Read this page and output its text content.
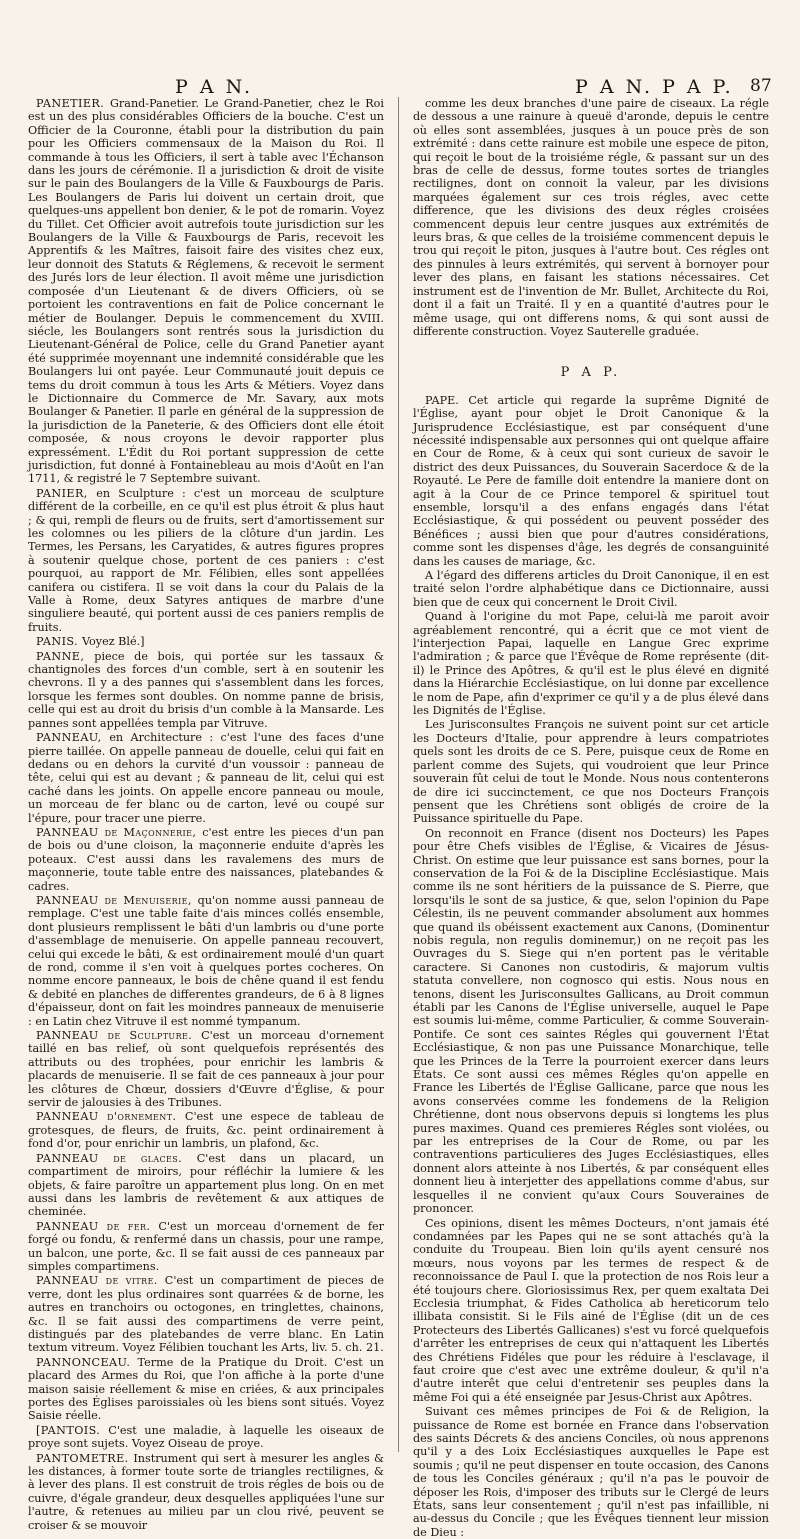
P A N.	P A N. P A P. 87

PANETIER. Grand-Panetier. Le Grand-Panetier, chez le Roi est un des plus considérables Officiers de la bouche. C'est un Officier de la Couronne, établi pour la distribution du pain pour les Officiers commensaux de la Maison du Roi. Il commande à tous les Officiers, il sert à table avec l'Échanson dans les jours de cérémonie. Il a jurisdiction & droit de visite sur le pain des Boulangers de la Ville & Fauxbourgs de Paris. Les Boulangers de Paris lui doivent un certain droit, que quelques-uns appellent bon denier, & le pot de romarin. Voyez du Tillet. Cet Officier avoit autrefois toute jurisdiction sur les Boulangers de la Ville & Fauxbourgs de Paris, recevoit les Apprentifs & les Maîtres, faisoit faire des visites chez eux, leur donnoit des Statuts & Réglemens, & recevoit le serment des Jurés lors de leur élection. Il avoit même une jurisdiction composée d'un Lieutenant & de divers Officiers, où se portoient les contraventions en fait de Police concernant le métier de Boulanger. Depuis le commencement du XVIII. siécle, les Boulangers sont rentrés sous la jurisdiction du Lieutenant-Général de Police, celle du Grand Panetier ayant été supprimée moyennant une indemnité considérable que les Boulangers lui ont payée. Leur Communauté jouit depuis ce tems du droit commun à tous les Arts & Métiers. Voyez dans le Dictionnaire du Commerce de Mr. Savary, aux mots Boulanger & Panetier. Il parle en général de la suppression de la jurisdiction de la Paneterie, & des Officiers dont elle étoit composée, & nous croyons le devoir rapporter plus expressément. L'Édit du Roi portant suppression de cette jurisdiction, fut donné à Fontainebleau au mois d'Août en l'an 1711, & registré le 7 Septembre suivant.

PANIER, en Sculpture : c'est un morceau de sculpture différent de la corbeille, en ce qu'il est plus étroit & plus haut ; & qui, rempli de fleurs ou de fruits, sert d'amortissement sur les colomnes ou les piliers de la clôture d'un jardin. Les Termes, les Persans, les Caryatides, & autres figures propres à soutenir quelque chose, portent de ces paniers : c'est pourquoi, au rapport de Mr. Félibien, elles sont appellées canifera ou cistifera. Il se voit dans la cour du Palais de la Valle à Rome, deux Satyres antiques de marbre d'une singuliere beauté, qui portent aussi de ces paniers remplis de fruits.

PANIS. Voyez Blé.]

PANNE, piece de bois, qui portée sur les tassaux & chantignoles des forces d'un comble, sert à en soutenir les chevrons. Il y a des pannes qui s'assemblent dans les forces, lorsque les fermes sont doubles. On nomme panne de brisis, celle qui est au droit du brisis d'un comble à la Mansarde. Les pannes sont appellées templa par Vitruve.

PANNEAU, en Architecture : c'est l'une des faces d'une pierre taillée. On appelle panneau de douelle, celui qui fait en dedans ou en dehors la curvité d'un voussoir : panneau de tête, celui qui est au devant ; & panneau de lit, celui qui est caché dans les joints. On appelle encore panneau ou moule, un morceau de fer blanc ou de carton, levé ou coupé sur l'épure, pour tracer une pierre.

PANNEAU de Maçonnerie, c'est entre les pieces d'un pan de bois ou d'une cloison, la maçonnerie enduite d'après les poteaux. C'est aussi dans les ravalemens des murs de maçonnerie, toute table entre des naissances, platebandes & cadres.

PANNEAU de Menuiserie, qu'on nomme aussi panneau de remplage. C'est une table faite d'ais minces collés ensemble, dont plusieurs remplissent le bâti d'un lambris ou d'une porte d'assemblage de menuiserie. On appelle panneau recouvert, celui qui excede le bâti, & est ordinairement moulé d'un quart de rond, comme il s'en voit à quelques portes cocheres. On nomme encore panneaux, le bois de chêne quand il est fendu & debité en planches de differentes grandeurs, de 6 à 8 lignes d'épaisseur, dont on fait les moindres panneaux de menuiserie : en Latin chez Vitruve il est nommé tympanum.

PANNEAU de Sculpture. C'est un morceau d'ornement taillé en bas relief, où sont quelquefois représentés des attributs ou des trophées, pour enrichir les lambris & placards de menuiserie. Il se fait de ces panneaux à jour pour les clôtures de Chœur, dossiers d'Œuvre d'Église, & pour servir de jalousies à des Tribunes.

PANNEAU d'ornement. C'est une espece de tableau de grotesques, de fleurs, de fruits, &c. peint ordinairement à fond d'or, pour enrichir un lambris, un plafond, &c.

PANNEAU de glaces. C'est dans un placard, un compartiment de miroirs, pour réfléchir la lumiere & les objets, & faire paroître un appartement plus long. On en met aussi dans les lambris de revêtement & aux attiques de cheminée.

PANNEAU de fer. C'est un morceau d'ornement de fer forgé ou fondu, & renfermé dans un chassis, pour une rampe, un balcon, une porte, &c. Il se fait aussi de ces panneaux par simples compartimens.

PANNEAU de vitre. C'est un compartiment de pieces de verre, dont les plus ordinaires sont quarrées & de borne, les autres en tranchoirs ou octogones, en tringlettes, chainons, &c. Il se fait aussi des compartimens de verre peint, distingués par des platebandes de verre blanc. En Latin textum vitreum. Voyez Félibien touchant les Arts, liv. 5. ch. 21.

PANNONCEAU. Terme de la Pratique du Droit. C'est un placard des Armes du Roi, que l'on affiche à la porte d'une maison saisie réellement & mise en criées, & aux principales portes des Églises paroissiales où les biens sont situés. Voyez Saisie réelle.

[PANTOIS. C'est une maladie, à laquelle les oiseaux de proye sont sujets. Voyez Oiseau de proye.

PANTOMETRE. Instrument qui sert à mesurer les angles & les distances, à former toute sorte de triangles rectilignes, & à lever des plans. Il est construit de trois régles de bois ou de cuivre, d'égale grandeur, deux desquelles appliquées l'une sur l'autre, & retenues au milieu par un clou rivé, peuvent se croiser & se mouvoir

comme les deux branches d'une paire de ciseaux. La régle de dessous a une rainure à queuë d'aronde, depuis le centre où elles sont assemblées, jusques à un pouce près de son extrémité : dans cette rainure est mobile une espece de piton, qui reçoit le bout de la troisiéme régle, & passant sur un des bras de celle de dessus, forme toutes sortes de triangles rectilignes, dont on connoit la valeur, par les divisions marquées également sur ces trois régles, avec cette difference, que les divisions des deux régles croisées commencent depuis leur centre jusques aux extrémités de leurs bras, & que celles de la troisiéme commencent depuis le trou qui reçoit le piton, jusques à l'autre bout. Ces régles ont des pinnules à leurs extrémités, qui servent à bornoyer pour lever des plans, en faisant les stations nécessaires. Cet instrument est de l'invention de Mr. Bullet, Architecte du Roi, dont il a fait un Traité. Il y en a quantité d'autres pour le même usage, qui ont differens noms, & qui sont aussi de differente construction. Voyez Sauterelle graduée.

P A P.

PAPE. Cet article qui regarde la suprême Dignité de l'Église, ayant pour objet le Droit Canonique & la Jurisprudence Ecclésiastique, est par conséquent d'une nécessité indispensable aux personnes qui ont quelque affaire en Cour de Rome, & à ceux qui sont curieux de savoir le district des deux Puissances, du Souverain Sacerdoce & de la Royauté. Le Pere de famille doit entendre la maniere dont on agit à la Cour de ce Prince temporel & spirituel tout ensemble, lorsqu'il a des enfans engagés dans l'état Ecclésiastique, & qui possédent ou peuvent posséder des Bénéfices ; aussi bien que pour d'autres considérations, comme sont les dispenses d'âge, les degrés de consanguinité dans les causes de mariage, &c.

A l'égard des differens articles du Droit Canonique, il en est traité selon l'ordre alphabétique dans ce Dictionnaire, aussi bien que de ceux qui concernent le Droit Civil.

Quand à l'origine du mot Pape, celui-là me paroit avoir agréablement rencontré, qui a écrit que ce mot vient de l'interjection Papai, laquelle en Langue Grec exprime l'admiration ; & parce que l'Évêque de Rome représente (dit-il) le Prince des Apôtres, & qu'il est le plus élevé en dignité dans la Hiérarchie Ecclésiastique, on lui donne par excellence le nom de Pape, afin d'exprimer ce qu'il y a de plus élevé dans les Dignités de l'Église.

Les Jurisconsultes François ne suivent point sur cet article les Docteurs d'Italie, pour apprendre à leurs compatriotes quels sont les droits de ce S. Pere, puisque ceux de Rome en parlent comme des Sujets, qui voudroient que leur Prince souverain fût celui de tout le Monde. Nous nous contenterons de dire ici succinctement, ce que nos Docteurs François pensent que les Chrétiens sont obligés de croire de la Puissance spirituelle du Pape.

On reconnoit en France (disent nos Docteurs) les Papes pour être Chefs visibles de l'Église, & Vicaires de Jésus-Christ. On estime que leur puissance est sans bornes, pour la conservation de la Foi & de la Discipline Ecclésiastique. Mais comme ils ne sont héritiers de la puissance de S. Pierre, que lorsqu'ils le sont de sa justice, & que, selon l'opinion du Pape Célestin, ils ne peuvent commander absolument aux hommes que quand ils obéissent exactement aux Canons, (Dominentur nobis regula, non regulis dominemur,) on ne reçoit pas les Ouvrages du S. Siege qui n'en portent pas le véritable caractere. Si Canones non custodiris, & majorum vultis statuta convellere, non cognosco qui estis. Nous nous en tenons, disent les Jurisconsultes Gallicans, au Droit commun établi par les Canons de l'Église universelle, auquel le Pape est soumis lui-même, comme Particulier, & comme Souverain-Pontife. Ce sont ces saintes Régles qui gouvernent l'État Ecclésiastique, & non pas une Puissance Monarchique, telle que les Princes de la Terre la pourroient exercer dans leurs États. Ce sont aussi ces mêmes Régles qu'on appelle en France les Libertés de l'Église Gallicane, parce que nous les avons conservées comme les fondemens de la Religion Chrétienne, dont nous observons depuis si longtems les plus pures maximes. Quand ces premieres Régles sont violées, ou par les entreprises de la Cour de Rome, ou par les contraventions particulieres des Juges Ecclésiastiques, elles donnent alors atteinte à nos Libertés, & par conséquent elles donnent lieu à interjetter des appellations comme d'abus, sur lesquelles il ne convient qu'aux Cours Souveraines de prononcer.

Ces opinions, disent les mêmes Docteurs, n'ont jamais été condamnées par les Papes qui ne se sont attachés qu'à la conduite du Troupeau. Bien loin qu'ils ayent censuré nos mœurs, nous voyons par les termes de respect & de reconnoissance de Paul I. que la protection de nos Rois leur a été toujours chere. Gloriosissimus Rex, per quem exaltata Dei Ecclesia triumphat, & Fides Catholica ab hereticorum telo illibata consistit. Si le Fils ainé de l'Église (dit un de ces Protecteurs des Libertés Gallicanes) s'est vu forcé quelquefois d'arrêter les entreprises de ceux qui n'attaquent les Libertés des Chrétiens Fidéles que pour les réduire à l'esclavage, il faut croire que c'est avec une extrême douleur, & qu'il n'a d'autre interêt que celui d'entretenir ses peuples dans la même Foi qui a été enseignée par Jesus-Christ aux Apôtres.

Suivant ces mêmes principes de Foi & de Religion, la puissance de Rome est bornée en France dans l'observation des saints Décrets & des anciens Conciles, où nous apprenons qu'il y a des Loix Ecclésiastiques auxquelles le Pape est soumis ; qu'il ne peut dispenser en toute occasion, des Canons de tous les Conciles généraux ; qu'il n'a pas le pouvoir de déposer les Rois, d'imposer des tributs sur le Clergé de leurs États, sans leur consentement ; qu'il n'est pas infaillible, ni au-dessus du Concile ; que les Évêques tiennent leur mission de Dieu :
